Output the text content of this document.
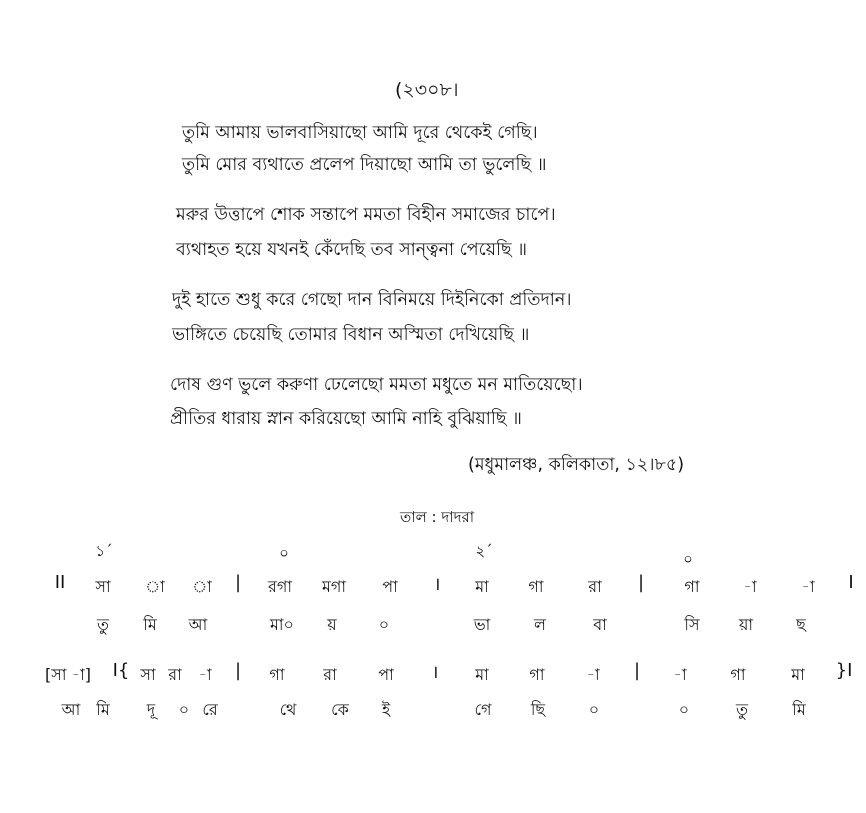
(২৩০৮।
তুমি আমায় ভালবাসিয়াছো আমি দূরে থেকেই গেছি।
তুমি মোর ব্যথাতে প্রলেপ দিয়াছো আমি তা ভুলেছি ॥
মরুর উত্তাপে শোক সন্তাপে মমতা বিহীন সমাজের চাপে।
ব্যথাহত হয়ে যখনই কেঁদেছি তব সান্ত্বনা পেয়েছি ॥
দুই হাতে শুধু করে গেছো দান বিনিময়ে দিইনিকো প্রতিদান।
ভাঙ্গিতে চেয়েছি তোমার বিধান অস্মিতা দেখিয়েছি ॥
দোষ গুণ ভুলে করুণা ঢেলেছো মমতা মধুতে মন মাতিয়েছো।
প্রীতির ধারায় স্নান করিয়েছো আমি নাহি বুঝিয়াছি ॥
(মধুমালঞ্চ, কলিকাতা, ১২।৮৫)
তাল : দাদরা
১´	০	২´	০
II সা া া | রগা মগা পা । মা গা	রা |	গা	-া	-া I
তু মি আ	মা০ য়	০	ভা	ল	বা	সি য়া	ছ
[সা -া] I{ সা রা -া | গা রা	পা । মা	গা	-া | -া	গা	মা }I
আ মি দূ ০ রে	থে কে ই	গে ছি	০	০	তু	মি
